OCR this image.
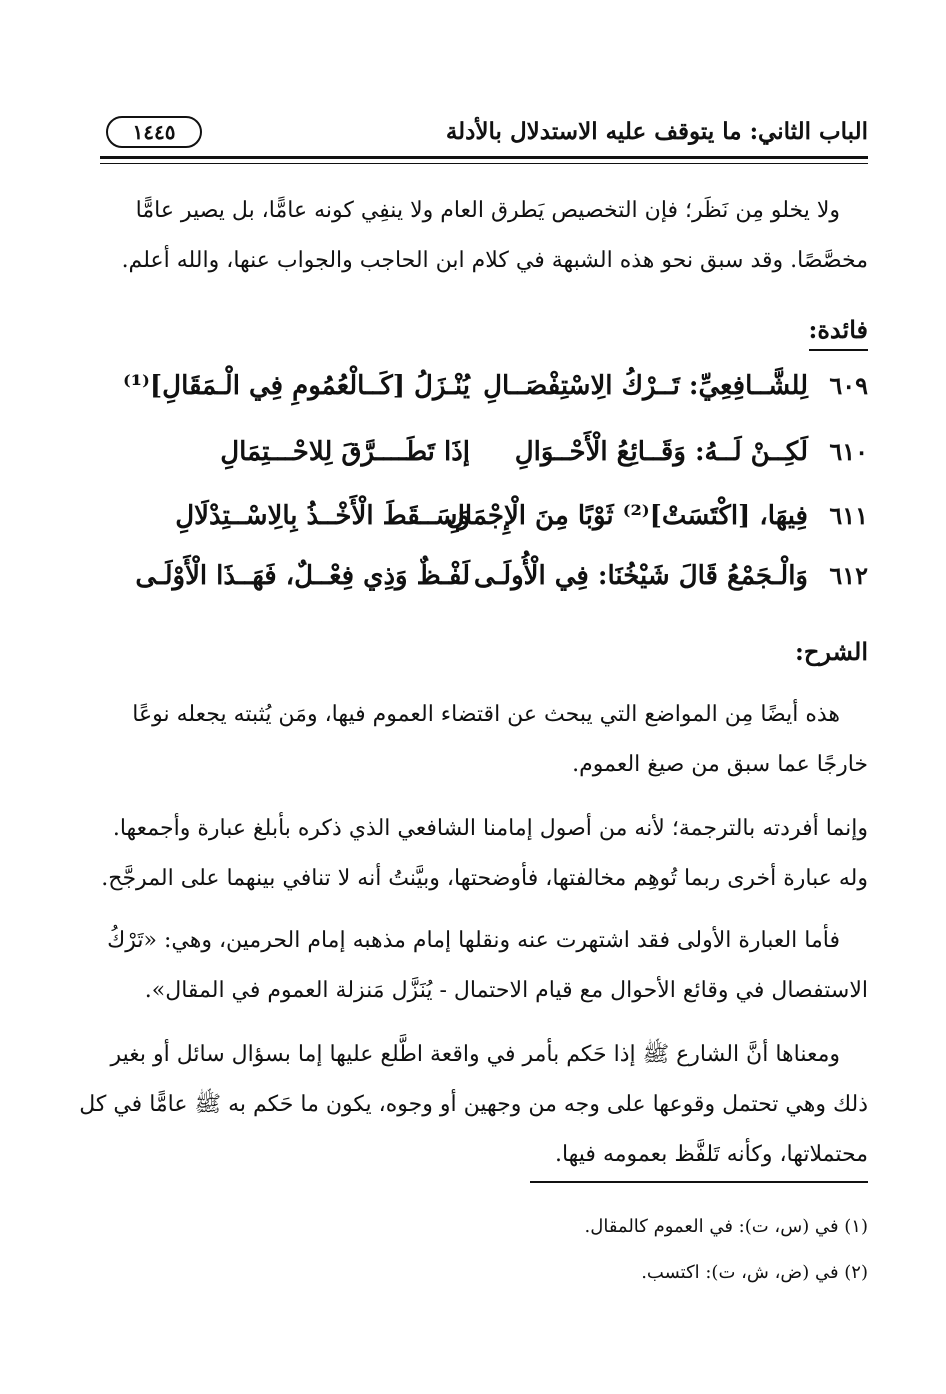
الباب الثاني: ما يتوقف عليه الاستدلال بالأدلة
١٤٤٥
ولا يخلو مِن نَظَر؛ فإن التخصيص يَطرق العام ولا ينفِي كونه عامًّا، بل يصير عامًّا
مخصَّصًا. وقد سبق نحو هذه الشبهة في كلام ابن الحاجب والجواب عنها، والله أعلم.
فائدة:
٦٠٩
لِلشَّــافِعِيِّ: تَــرْكُ الِاسْتِفْصَــالِ
يُنْـزَلُ [كَــالْعُمُومِ فِي الْـمَقَالِ]⁽¹⁾
٦١٠
لَكِــنْ لَــهُ: وَقَــائِعُ الْأَحْــوَالِ
إذَا تَطَــــرَّقَ لِلاحْـــتِمَالِ
٦١١
فِيهَا، [اكْتَسَتْ]⁽²⁾ ثَوْبًا مِنَ الْإِجْمَالِ
وَسَــقَطَ الْأَخْــذُ بِالِاسْــتِدْلَالِ
٦١٢
وَالْـجَمْعُ قَالَ شَيْخُنَا: فِي الْأُولَـى
لَفْـظٌ وَذِي فِعْــلٌ، فَهَــذَا الْأَوْلَـى
الشرح:
هذه أيضًا مِن المواضع التي يبحث عن اقتضاء العموم فيها، ومَن يُثبته يجعله نوعًا
خارجًا عما سبق من صيغ العموم.
وإنما أفردته بالترجمة؛ لأنه من أصول إمامنا الشافعي الذي ذكره بأبلغ عبارة وأجمعها.
وله عبارة أخرى ربما تُوهِم مخالفتها، فأوضحتها، وبيَّنتُ أنه لا تنافي بينهما على المرجَّح.
فأما العبارة الأولى فقد اشتهرت عنه ونقلها إمام مذهبه إمام الحرمين، وهي: «تَرْكُ
الاستفصال في وقائع الأحوال مع قيام الاحتمال - يُنَزَّل مَنزلة العموم في المقال».
ومعناها أنَّ الشارع ﷺ إذا حَكم بأمر في واقعة اطَّلع عليها إما بسؤال سائل أو بغير
ذلك وهي تحتمل وقوعها على وجه من وجهين أو وجوه، يكون ما حَكم به ﷺ عامًّا في كل
محتملاتها، وكأنه تَلفَّظ بعمومه فيها.
(١) في (س، ت): في العموم كالمقال.
(٢) في (ض، ش، ت): اكتسب.
